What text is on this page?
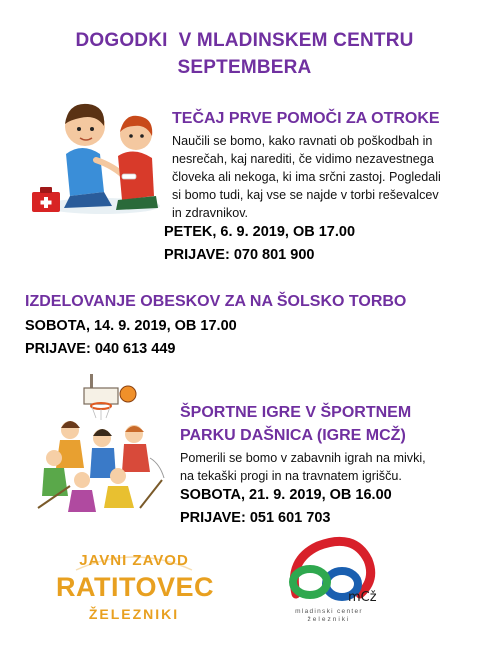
DOGODKI  V MLADINSKEM CENTRU
SEPTEMBERA
TEČAJ PRVE POMOČI ZA OTROKE
Naučili se bomo, kako ravnati ob poškodbah in
nesrečah, kaj narediti, če vidimo nezavestnega
človeka ali nekoga, ki ima srčni zastoj. Pogledali
si bomo tudi, kaj vse se najde v torbi reševalcev
in zdravnikov.
PETEK, 6. 9. 2019, OB 17.00
PRIJAVE: 070 801 900
IZDELOVANJE OBESKOV ZA NA ŠOLSKO TORBO
SOBOTA, 14. 9. 2019, OB 17.00
PRIJAVE: 040 613 449
ŠPORTNE IGRE V ŠPORTNEM
PARKU DAŠNICA (IGRE MCŽ)
Pomerili se bomo v zabavnih igrah na mivki,
na tekaški progi in na travnatem igrišču.
SOBOTA, 21. 9. 2019, OB 16.00
PRIJAVE: 051 601 703
JAVNI ZAVOD
RATITOVEC
ŽELEZNIKI
mCž
mladinski center
železniki
